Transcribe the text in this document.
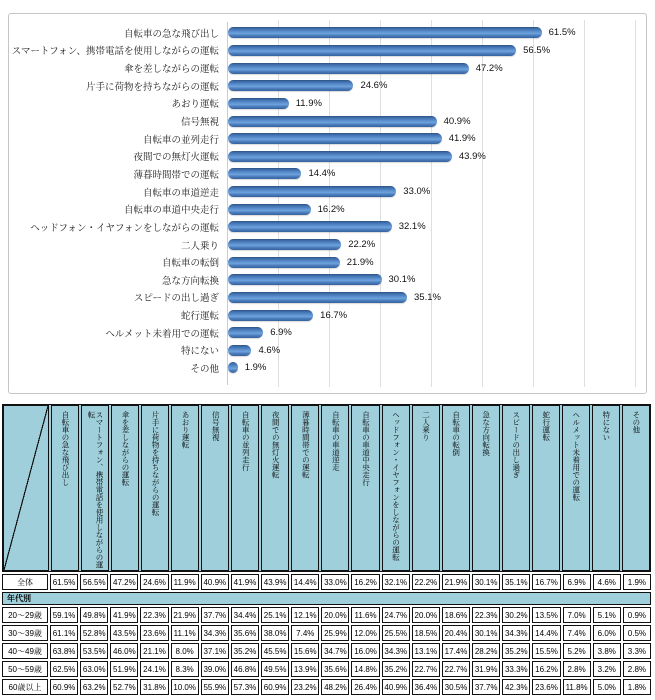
自転車の急な飛び出し	61.5%
スマートフォン、携帯電話を使用しながらの運転	56.5%
傘を差しながらの運転	47.2%
片手に荷物を持ちながらの運転	24.6%
あおり運転	11.9%
信号無視	40.9%
自転車の並列走行	41.9%
夜間での無灯火運転	43.9%
薄暮時間帯での運転	14.4%
自転車の車道逆走	33.0%
自転車の車道中央走行	16.2%
ヘッドフォン・イヤフォンをしながらの運転	32.1%
二人乗り	22.2%
自転車の転倒	21.9%
急な方向転換	30.1%
スピードの出し過ぎ	35.1%
蛇行運転	16.7%
ヘルメット未着用での運転	6.9%
特にない	4.6%
その他	1.9%
自転車の急な飛び出し	スマートフォン、携帯電話を使用しながらの運転	傘を差しながらの運転	片手に荷物を持ちながらの運転	あおり運転	信号無視	自転車の並列走行	夜間での無灯火運転	薄暮時間帯での運転	自転車の車道逆走	自転車の車道中央走行	ヘッドフォン・イヤフォンをしながらの運転	二人乗り	自転車の転倒	急な方向転換	スピードの出し過ぎ	蛇行運転	ヘルメット未着用での運転	特にない	その他
全体	61.5% 56.5% 47.2% 24.6% 11.9% 40.9% 41.9% 43.9% 14.4% 33.0% 16.2% 32.1% 22.2% 21.9% 30.1% 35.1% 16.7%	6.9%	4.6%	1.9%
年代別
20〜29歳	59.1% 49.8% 41.9% 22.3% 21.9% 37.7% 34.4% 25.1% 12.1% 20.0% 11.6% 24.7% 20.0% 18.6% 22.3% 30.2% 13.5%	7.0%	5.1%	0.9%
30〜39歳	61.1% 52.8% 43.5% 23.6% 11.1% 34.3% 35.6% 38.0%	7.4%	25.9% 12.0% 25.5% 18.5% 20.4% 30.1% 34.3% 14.4%	7.4%	6.0%	0.5%
40〜49歳	63.8% 53.5% 46.0% 21.1%	8.0%	37.1% 35.2% 45.5% 15.6% 34.7% 16.0% 34.3% 13.1% 17.4% 28.2% 35.2% 15.5%	5.2%	3.8%	3.3%
50〜59歳	62.5% 63.0% 51.9% 24.1%	8.3%	39.0% 46.8% 49.5% 13.9% 35.6% 14.8% 35.2% 22.7% 22.7% 31.9% 33.3% 16.2%	2.8%	3.2%	2.8%
60歳以上	60.9% 63.2% 52.7% 31.8% 10.0% 55.9% 57.3% 60.9% 23.2% 48.2% 26.4% 40.9% 36.4% 30.5% 37.7% 42.3% 23.6% 11.8%	5.0%	1.8%
